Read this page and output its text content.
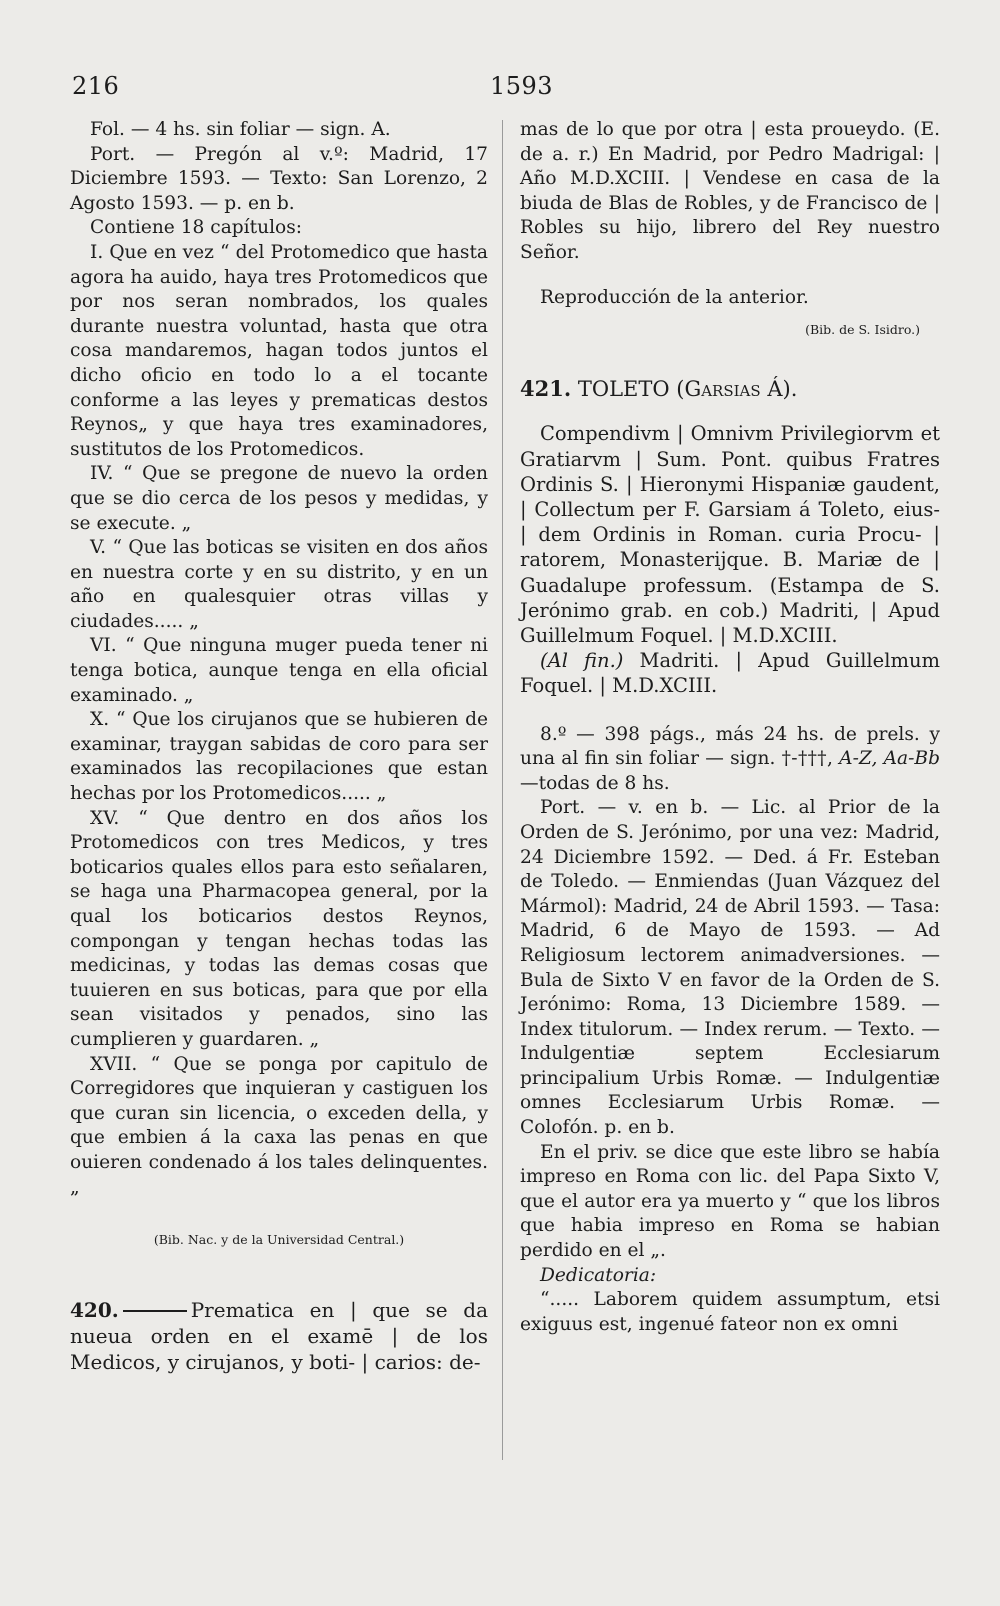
216	1593

Fol. — 4 hs. sin foliar — sign. A.

Port. — Pregón al v.º: Madrid, 17 Diciembre 1593. — Texto: San Lorenzo, 2 Agosto 1593. — p. en b.

Contiene 18 capítulos:

I. Que en vez “ del Protomedico que hasta agora ha auido, haya tres Protomedicos que por nos seran nombrados, los quales durante nuestra voluntad, hasta que otra cosa mandaremos, hagan todos juntos el dicho oficio en todo lo a el tocante conforme a las leyes y prematicas destos Reynos„ y que haya tres examinadores, sustitutos de los Protomedicos.

IV. “ Que se pregone de nuevo la orden que se dio cerca de los pesos y medidas, y se execute. „

V. “ Que las boticas se visiten en dos años en nuestra corte y en su distrito, y en un año en qualesquier otras villas y ciudades..... „

VI. “ Que ninguna muger pueda tener ni tenga botica, aunque tenga en ella oficial examinado. „

X. “ Que los cirujanos que se hubieren de examinar, traygan sabidas de coro para ser examinados las recopilaciones que estan hechas por los Protomedicos..... „

XV. “ Que dentro en dos años los Protomedicos con tres Medicos, y tres boticarios quales ellos para esto señalaren, se haga una Pharmacopea general, por la qual los boticarios destos Reynos, compongan y tengan hechas todas las medicinas, y todas las demas cosas que tuuieren en sus boticas, para que por ella sean visitados y penados, sino las cumplieren y guardaren. „

XVII. “ Que se ponga por capitulo de Corregidores que inquieran y castiguen los que curan sin licencia, o exceden della, y que embien á la caxa las penas en que ouieren condenado á los tales delinquentes. „

(Bib. Nac. y de la Universidad Central.)

420.	Prematica en | que se da nueua orden en el examē | de los Medicos, y cirujanos, y boti- | carios: de-

mas de lo que por otra | esta proueydo. (E. de a. r.) En Madrid, por Pedro Madrigal: | Año M.D.XCIII. | Vendese en casa de la biuda de Blas de Robles, y de Francisco de | Robles su hijo, librero del Rey nuestro Señor.

Reproducción de la anterior.

(Bib. de S. Isidro.)

421. TOLETO (Garsias Á).

Compendivm | Omnivm Privilegiorvm et Gratiarvm | Sum. Pont. quibus Fratres Ordinis S. | Hieronymi Hispaniæ gaudent, | Collectum per F. Garsiam á Toleto, eius- | dem Ordinis in Roman. curia Procu- | ratorem, Monasterijque. B. Mariæ de | Guadalupe professum. (Estampa de S. Jerónimo grab. en cob.) Madriti, | Apud Guillelmum Foquel. | M.D.XCIII.

(Al fin.) Madriti. | Apud Guillelmum Foquel. | M.D.XCIII.

8.º — 398 págs., más 24 hs. de prels. y una al fin sin foliar — sign. †-†††, A-Z, Aa-Bb—todas de 8 hs.

Port. — v. en b. — Lic. al Prior de la Orden de S. Jerónimo, por una vez: Madrid, 24 Diciembre 1592. — Ded. á Fr. Esteban de Toledo. — Enmiendas (Juan Vázquez del Mármol): Madrid, 24 de Abril 1593. — Tasa: Madrid, 6 de Mayo de 1593. — Ad Religiosum lectorem animadversiones. — Bula de Sixto V en favor de la Orden de S. Jerónimo: Roma, 13 Diciembre 1589. — Index titulorum. — Index rerum. — Texto. — Indulgentiæ septem Ecclesiarum principalium Urbis Romæ. — Indulgentiæ omnes Ecclesiarum Urbis Romæ. — Colofón. p. en b.

En el priv. se dice que este libro se había impreso en Roma con lic. del Papa Sixto V, que el autor era ya muerto y “ que los libros que habia impreso en Roma se habian perdido en el „.

Dedicatoria:

“..... Laborem quidem assumptum, etsi exiguus est, ingenué fateor non ex omni
